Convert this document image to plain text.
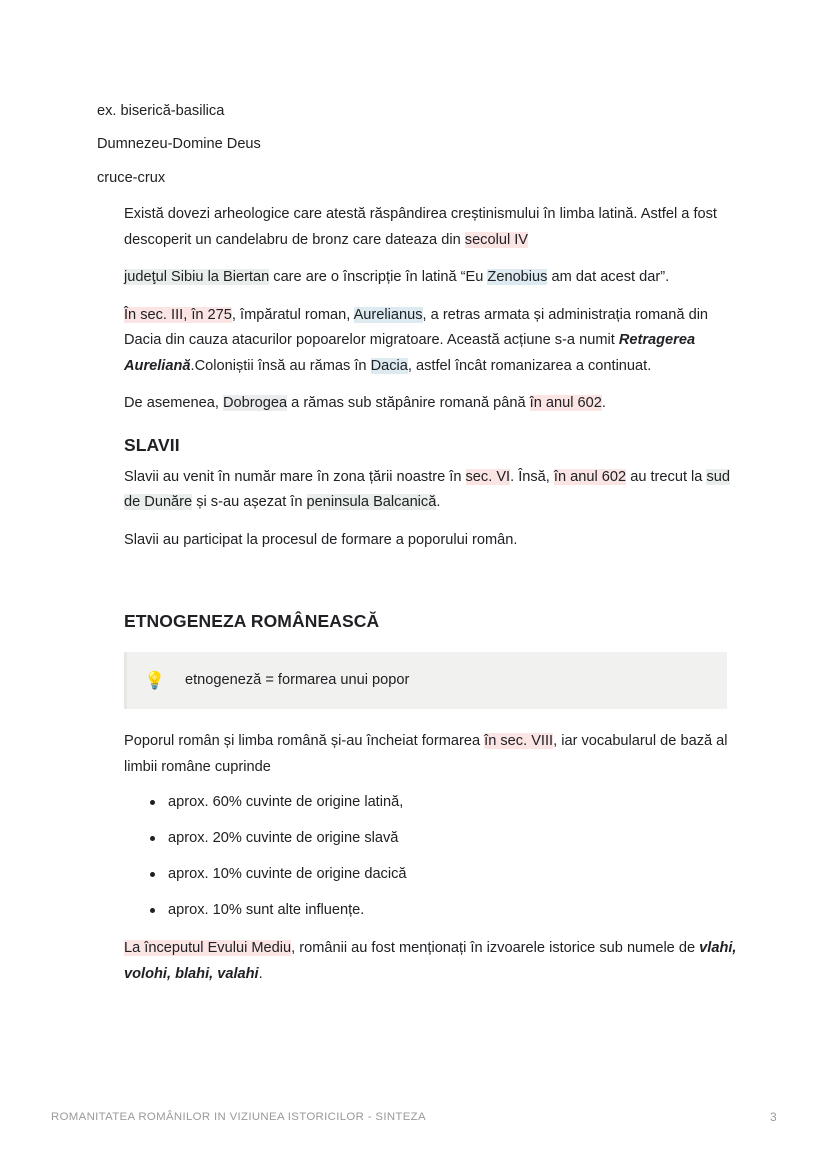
ex. biserică-basilica
Dumnezeu-Domine Deus
cruce-crux

Există dovezi arheologice care atestă răspândirea creștinismului în limba latină. Astfel a fost descoperit un candelabru de bronz care dateaza din secolul IV

judeţul Sibiu la Biertan care are o înscripție în latină “Eu Zenobius am dat acest dar”.

În sec. III, în 275, împăratul roman, Aurelianus, a retras armata și administrația romană din Dacia din cauza atacurilor popoarelor migratoare. Această acțiune s-a numit Retragerea Aureliană.Coloniștii însă au rămas în Dacia, astfel încât romanizarea a continuat.

De asemenea, Dobrogea a rămas sub stăpânire romană până în anul 602.

SLAVII

Slavii au venit în număr mare în zona țării noastre în sec. VI. Însă, în anul 602 au trecut la sud de Dunăre și s-au așezat în peninsula Balcanică.

Slavii au participat la procesul de formare a poporului român.

ETNOGENEZA ROMÂNEASCĂ
💡 etnogeneză = formarea unui popor

Poporul român și limba română și-au încheiat formarea în sec. VIII, iar vocabularul de bază al limbii române cuprinde

aprox. 60% cuvinte de origine latină,
aprox. 20% cuvinte de origine slavă
aprox. 10% cuvinte de origine dacică
aprox. 10% sunt alte influențe.

La începutul Evului Mediu, românii au fost menționați în izvoarele istorice sub numele de vlahi, volohi, blahi, valahi.

ROMANITATEA ROMÂNILOR IN VIZIUNEA ISTORICILOR - SINTEZA	3
